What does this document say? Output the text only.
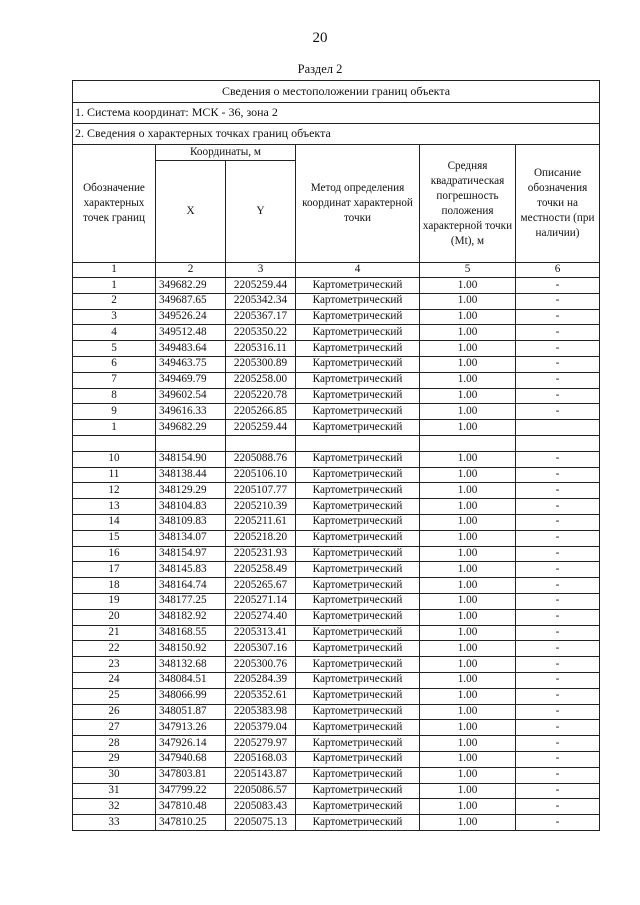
20
Раздел 2
Сведения о местоположении границ объекта					
1. Система координат: МСК - 36, зона 2					
2. Сведения о характерных точках границ объекта					
Обозначение характерных точек границ	Координаты, м		Метод определения координат характерной точки	Средняя квадратическая погрешность положения характерной точки (Mt), м	Описание обозначения точки на местности (при наличии)
	X	Y			
1	2	3	4	5	6
1	349682.29	2205259.44	Картометрический	1.00	-
2	349687.65	2205342.34	Картометрический	1.00	-
3	349526.24	2205367.17	Картометрический	1.00	-
4	349512.48	2205350.22	Картометрический	1.00	-
5	349483.64	2205316.11	Картометрический	1.00	-
6	349463.75	2205300.89	Картометрический	1.00	-
7	349469.79	2205258.00	Картометрический	1.00	-
8	349602.54	2205220.78	Картометрический	1.00	-
9	349616.33	2205266.85	Картометрический	1.00	-
1	349682.29	2205259.44	Картометрический	1.00	

10	348154.90	2205088.76	Картометрический	1.00	-
11	348138.44	2205106.10	Картометрический	1.00	-
12	348129.29	2205107.77	Картометрический	1.00	-
13	348104.83	2205210.39	Картометрический	1.00	-
14	348109.83	2205211.61	Картометрический	1.00	-
15	348134.07	2205218.20	Картометрический	1.00	-
16	348154.97	2205231.93	Картометрический	1.00	-
17	348145.83	2205258.49	Картометрический	1.00	-
18	348164.74	2205265.67	Картометрический	1.00	-
19	348177.25	2205271.14	Картометрический	1.00	-
20	348182.92	2205274.40	Картометрический	1.00	-
21	348168.55	2205313.41	Картометрический	1.00	-
22	348150.92	2205307.16	Картометрический	1.00	-
23	348132.68	2205300.76	Картометрический	1.00	-
24	348084.51	2205284.39	Картометрический	1.00	-
25	348066.99	2205352.61	Картометрический	1.00	-
26	348051.87	2205383.98	Картометрический	1.00	-
27	347913.26	2205379.04	Картометрический	1.00	-
28	347926.14	2205279.97	Картометрический	1.00	-
29	347940.68	2205168.03	Картометрический	1.00	-
30	347803.81	2205143.87	Картометрический	1.00	-
31	347799.22	2205086.57	Картометрический	1.00	-
32	347810.48	2205083.43	Картометрический	1.00	-
33	347810.25	2205075.13	Картометрический	1.00	-
